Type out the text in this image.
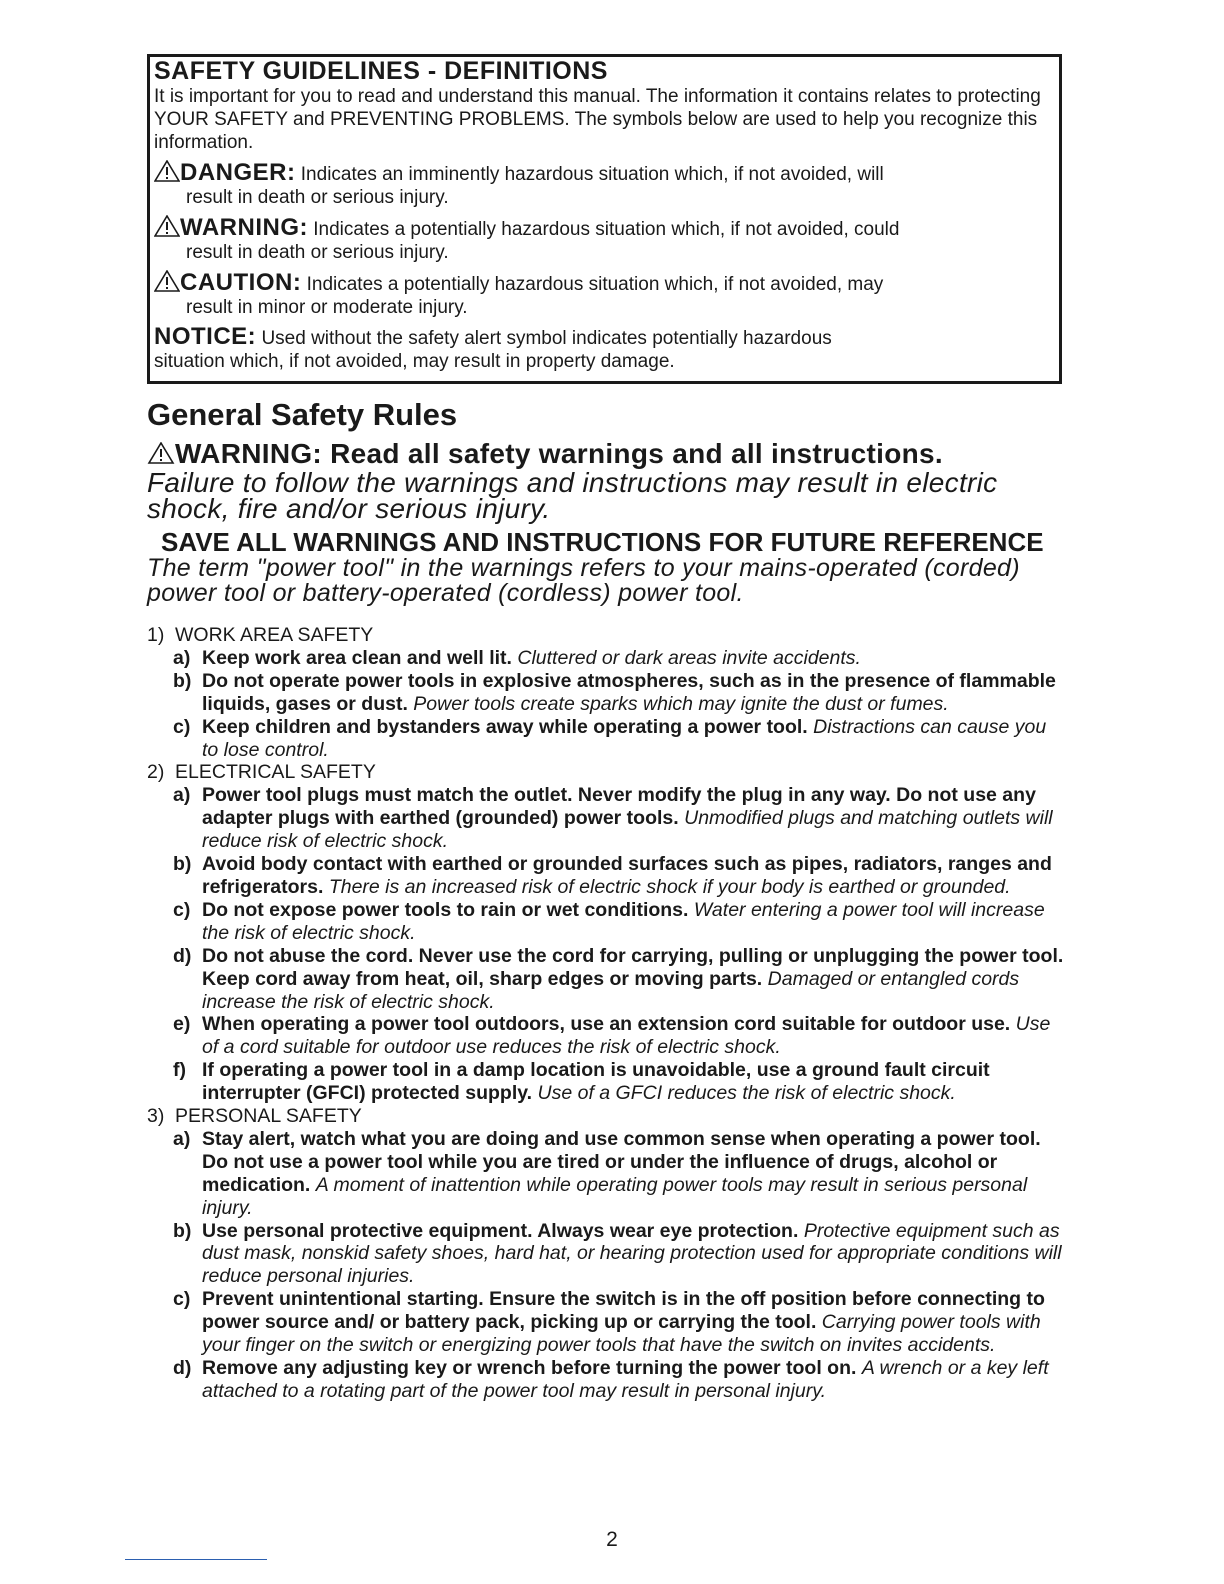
SAFETY GUIDELINES - DEFINITIONS
It is important for you to read and understand this manual. The information it contains relates to protecting YOUR SAFETY and PREVENTING PROBLEMS. The symbols below are used to help you recognize this information.
DANGER: Indicates an imminently hazardous situation which, if not avoided, will
result in death or serious injury.
WARNING: Indicates a potentially hazardous situation which, if not avoided, could
result in death or serious injury.
CAUTION: Indicates a potentially hazardous situation which, if not avoided, may
result in minor or moderate injury.
NOTICE: Used without the safety alert symbol indicates potentially hazardous
situation which, if not avoided, may result in property damage.
General Safety Rules
WARNING: Read all safety warnings and all instructions.
Failure to follow the warnings and instructions may result in electric shock, fire and/or serious injury.
SAVE ALL WARNINGS AND INSTRUCTIONS FOR FUTURE REFERENCE
The term "power tool" in the warnings refers to your mains-operated (corded) power tool or battery-operated (cordless) power tool.
1) WORK AREA SAFETY
a) Keep work area clean and well lit. Cluttered or dark areas invite accidents.
b) Do not operate power tools in explosive atmospheres, such as in the presence of flammable liquids, gases or dust. Power tools create sparks which may ignite the dust or fumes.
c) Keep children and bystanders away while operating a power tool. Distractions can cause you to lose control.
2) ELECTRICAL SAFETY
a) Power tool plugs must match the outlet. Never modify the plug in any way. Do not use any adapter plugs with earthed (grounded) power tools. Unmodified plugs and matching outlets will reduce risk of electric shock.
b) Avoid body contact with earthed or grounded surfaces such as pipes, radiators, ranges and refrigerators. There is an increased risk of electric shock if your body is earthed or grounded.
c) Do not expose power tools to rain or wet conditions. Water entering a power tool will increase the risk of electric shock.
d) Do not abuse the cord. Never use the cord for carrying, pulling or unplugging the power tool. Keep cord away from heat, oil, sharp edges or moving parts. Damaged or entangled cords increase the risk of electric shock.
e) When operating a power tool outdoors, use an extension cord suitable for outdoor use. Use of a cord suitable for outdoor use reduces the risk of electric shock.
f) If operating a power tool in a damp location is unavoidable, use a ground fault circuit interrupter (GFCI) protected supply. Use of a GFCI reduces the risk of electric shock.
3) PERSONAL SAFETY
a) Stay alert, watch what you are doing and use common sense when operating a power tool. Do not use a power tool while you are tired or under the influence of drugs, alcohol or medication. A moment of inattention while operating power tools may result in serious personal injury.
b) Use personal protective equipment. Always wear eye protection. Protective equipment such as dust mask, nonskid safety shoes, hard hat, or hearing protection used for appropriate conditions will reduce personal injuries.
c) Prevent unintentional starting. Ensure the switch is in the off position before connecting to power source and/ or battery pack, picking up or carrying the tool. Carrying power tools with your finger on the switch or energizing power tools that have the switch on invites accidents.
d) Remove any adjusting key or wrench before turning the power tool on. A wrench or a key left attached to a rotating part of the power tool may result in personal injury.
2
